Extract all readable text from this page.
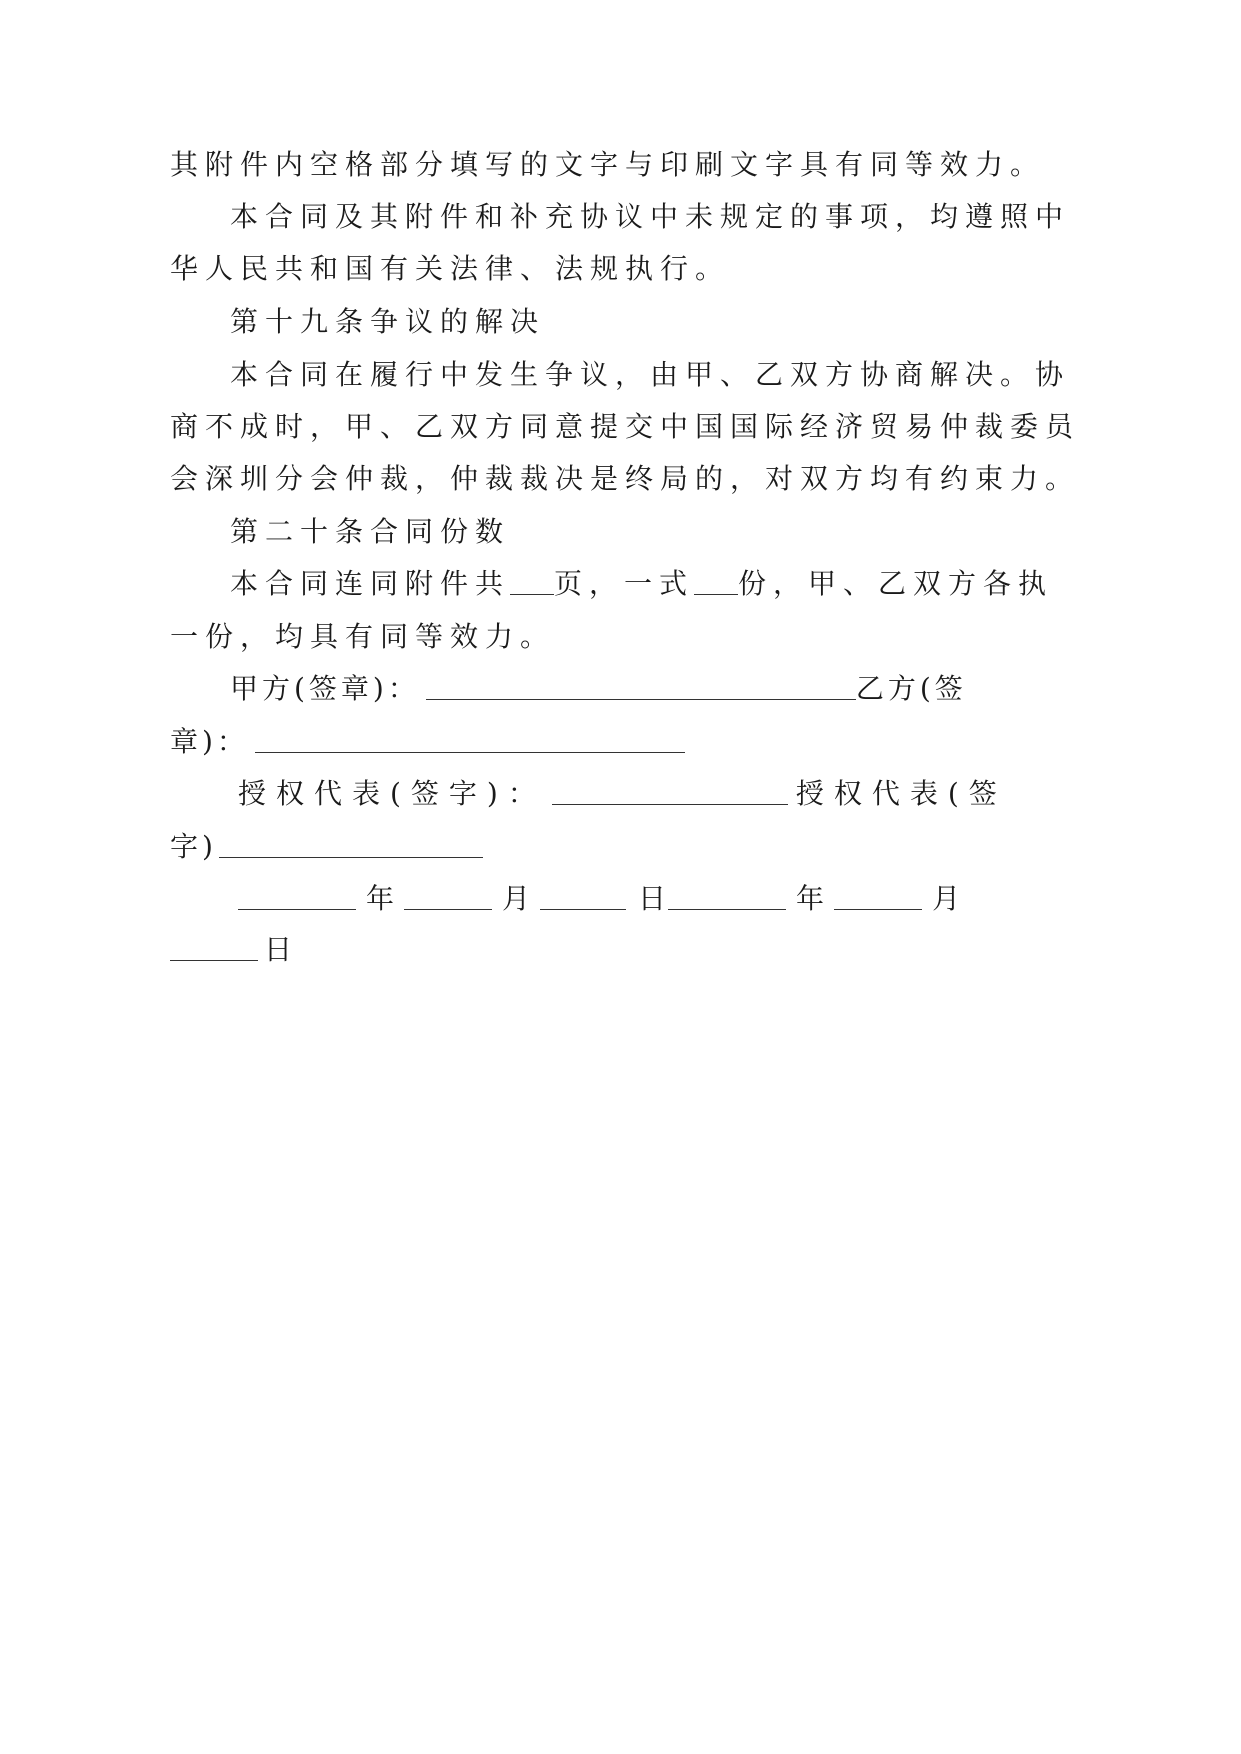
其附件内空格部分填写的文字与印刷文字具有同等效力。
本合同及其附件和补充协议中未规定的事项，均遵照中
华人民共和国有关法律、法规执行。
第十九条争议的解决
本合同在履行中发生争议，由甲、乙双方协商解决。协
商不成时，甲、乙双方同意提交中国国际经济贸易仲裁委员
会深圳分会仲裁，仲裁裁决是终局的，对双方均有约束力。
第二十条合同份数
本合同连同附件共 页，一式 份，甲、乙双方各执
一份，均具有同等效力。
甲方(签章)：	乙方(签
章)：
授权代表(签字)：	授权代表(签
字)
年	月	日	年	月
日
